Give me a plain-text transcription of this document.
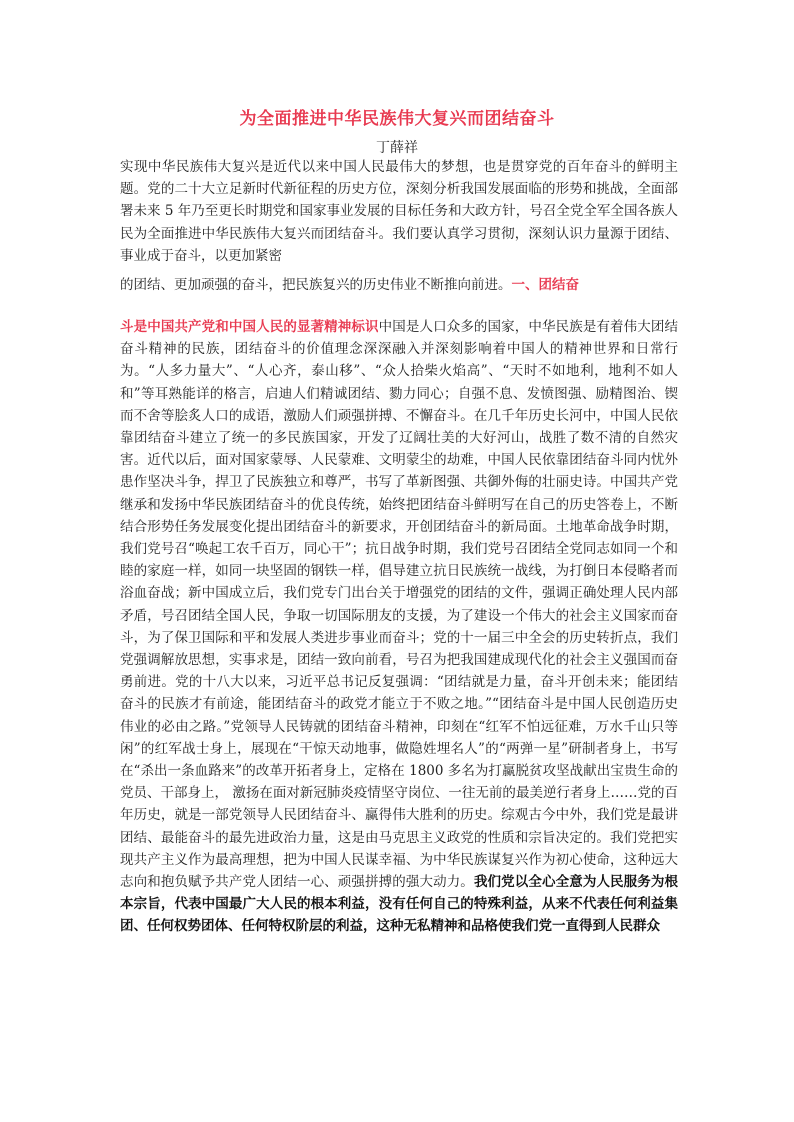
为全面推进中华民族伟大复兴而团结奋斗
丁薛祥
实现中华民族伟大复兴是近代以来中国人民最伟大的梦想，也是贯穿党的百年奋斗的鲜明主题。党的二十大立足新时代新征程的历史方位，深刻分析我国发展面临的形势和挑战，全面部署未来 5 年乃至更长时期党和国家事业发展的目标任务和大政方针，号召全党全军全国各族人民为全面推进中华民族伟大复兴而团结奋斗。我们要认真学习贯彻，深刻认识力量源于团结、事业成于奋斗，以更加紧密
的团结、更加顽强的奋斗，把民族复兴的历史伟业不断推向前进。一、团结奋
斗是中国共产党和中国人民的显著精神标识中国是人口众多的国家，中华民族是有着伟大团结奋斗精神的民族，团结奋斗的价值理念深深融入并深刻影响着中国人的精神世界和日常行为。“人多力量大”、“人心齐，泰山移”、“众人拾柴火焰高”、“天时不如地利，地利不如人和”等耳熟能详的格言，启迪人们精诚团结、勠力同心；自强不息、发愤图强、励精图治、锲而不舍等脍炙人口的成语，激励人们顽强拼搏、不懈奋斗。在几千年历史长河中，中国人民依靠团结奋斗建立了统一的多民族国家，开发了辽阔壮美的大好河山，战胜了数不清的自然灾害。近代以后，面对国家蒙辱、人民蒙难、文明蒙尘的劫难，中国人民依靠团结奋斗同内忧外患作坚决斗争，捍卫了民族独立和尊严，书写了革新图强、共御外侮的壮丽史诗。中国共产党继承和发扬中华民族团结奋斗的优良传统，始终把团结奋斗鲜明写在自己的历史答卷上，不断结合形势任务发展变化提出团结奋斗的新要求，开创团结奋斗的新局面。土地革命战争时期，我们党号召“唤起工农千百万，同心干”；抗日战争时期，我们党号召团结全党同志如同一个和睦的家庭一样，如同一块坚固的钢铁一样，倡导建立抗日民族统一战线，为打倒日本侵略者而浴血奋战；新中国成立后，我们党专门出台关于增强党的团结的文件，强调正确处理人民内部矛盾，号召团结全国人民，争取一切国际朋友的支援，为了建设一个伟大的社会主义国家而奋斗，为了保卫国际和平和发展人类进步事业而奋斗；党的十一届三中全会的历史转折点，我们党强调解放思想，实事求是，团结一致向前看，号召为把我国建成现代化的社会主义强国而奋勇前进。党的十八大以来，习近平总书记反复强调：“团结就是力量，奋斗开创未来；能团结奋斗的民族才有前途，能团结奋斗的政党才能立于不败之地。”“团结奋斗是中国人民创造历史伟业的必由之路。”党领导人民铸就的团结奋斗精神，印刻在“红军不怕远征难，万水千山只等闲”的红军战士身上，展现在“干惊天动地事，做隐姓埋名人”的“两弹一星”研制者身上，书写在“杀出一条血路来”的改革开拓者身上，定格在 1800 多名为打赢脱贫攻坚战献出宝贵生命的党员、干部身上， 激扬在面对新冠肺炎疫情坚守岗位、一往无前的最美逆行者身上……党的百年历史，就是一部党领导人民团结奋斗、赢得伟大胜利的历史。综观古今中外，我们党是最讲团结、最能奋斗的最先进政治力量，这是由马克思主义政党的性质和宗旨决定的。我们党把实现共产主义作为最高理想，把为中国人民谋幸福、为中华民族谋复兴作为初心使命，这种远大志向和抱负赋予共产党人团结一心、顽强拼搏的强大动力。我们党以全心全意为人民服务为根本宗旨，代表中国最广大人民的根本利益，没有任何自己的特殊利益，从来不代表任何利益集团、任何权势团体、任何特权阶层的利益，这种无私精神和品格使我们党一直得到人民群众
